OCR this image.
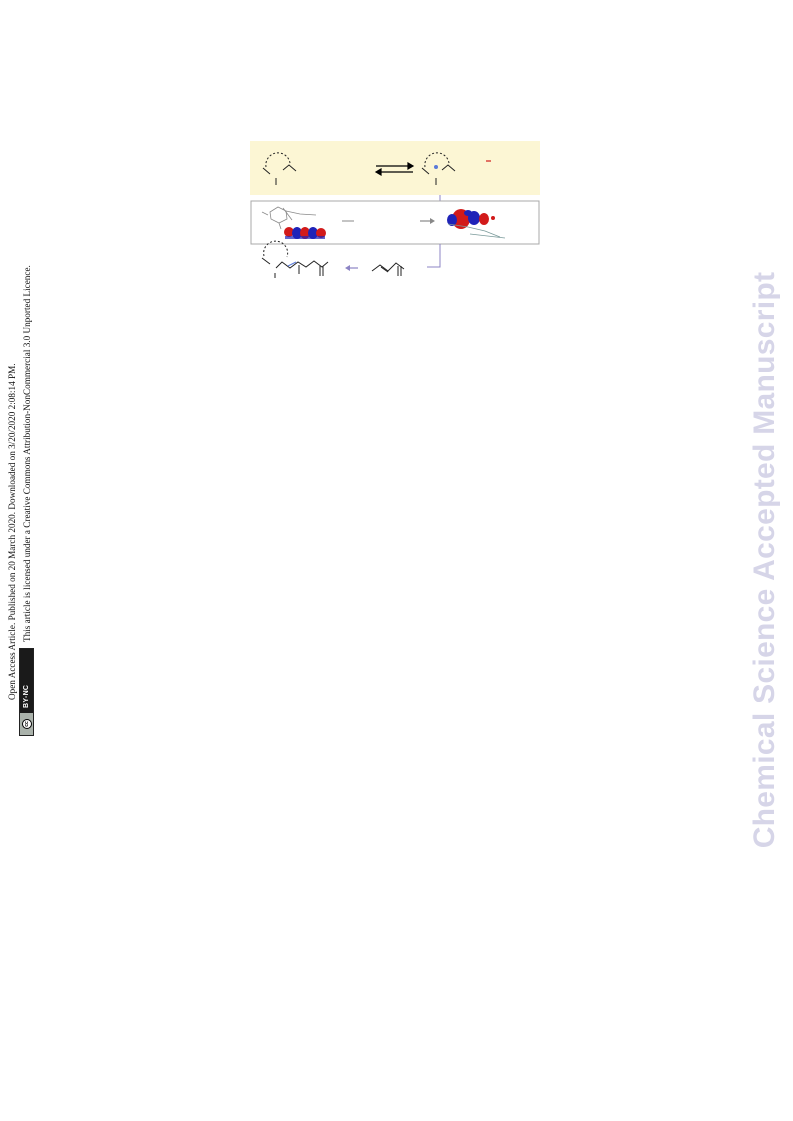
Open Access Article. Published on 20 March 2020. Downloaded on 3/20/2020 2:08:14 PM. This article is licensed under a Creative Commons Attribution-NonCommercial 3.0 Unported Licence.
cc
BY-NC	Chemical Science Accepted Manuscript
